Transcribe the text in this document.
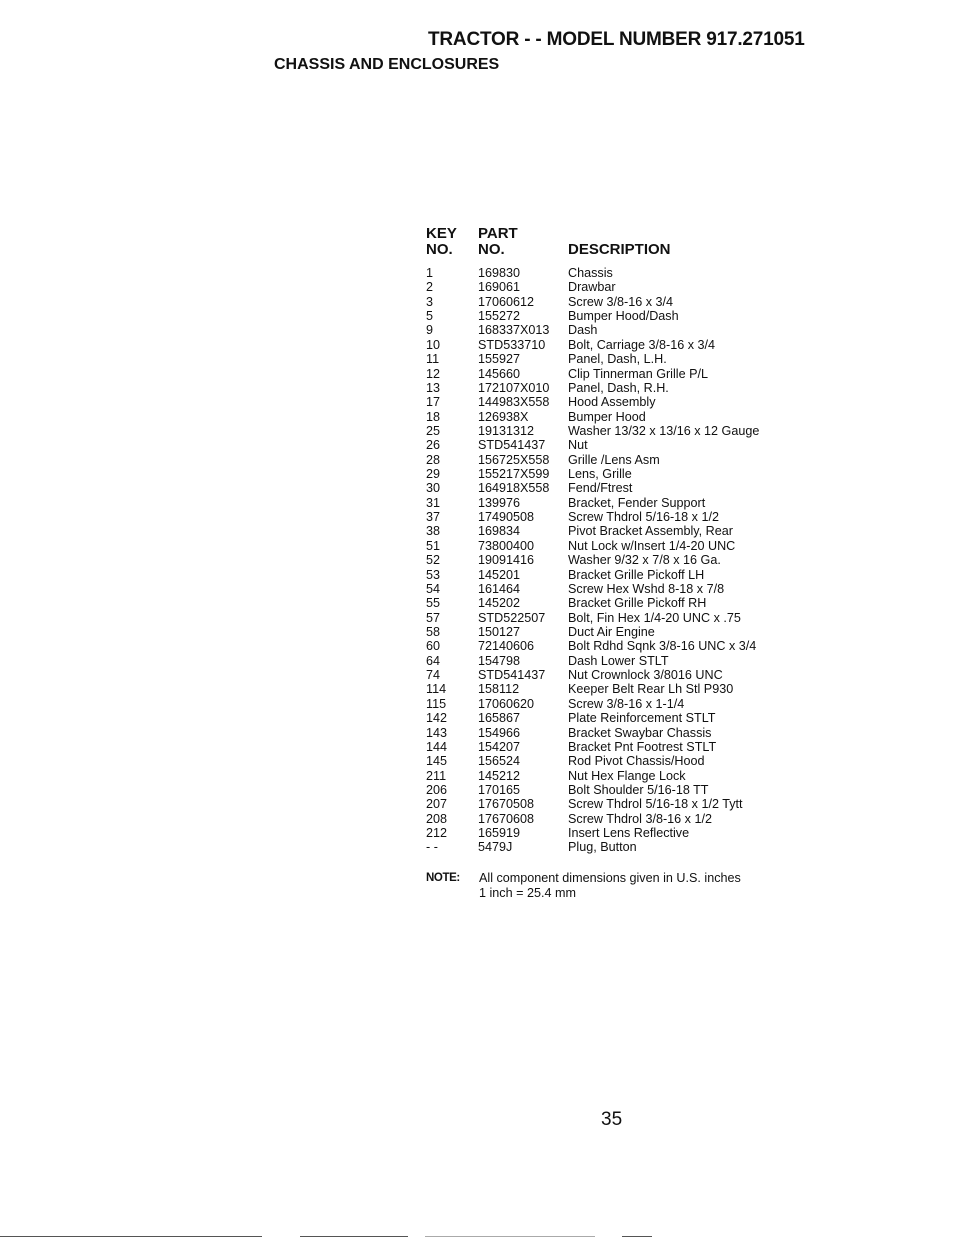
TRACTOR - - MODEL NUMBER 917.271051
CHASSIS AND ENCLOSURES
KEY
NO.
PART
NO.	DESCRIPTION
1	169830	Chassis
2	169061	Drawbar
3	17060612	Screw 3/8-16 x 3/4
5	155272	Bumper Hood/Dash
9	168337X013 Dash
10	STD533710 Bolt, Carriage 3/8-16 x 3/4
11	155927	Panel, Dash, L.H.
12	145660	Clip Tinnerman Grille P/L
13	172107X010 Panel, Dash, R.H.
17	144983X558 Hood Assembly
18	126938X	Bumper Hood
25	19131312	Washer 13/32 x 13/16 x 12 Gauge
26	STD541437 Nut
28	156725X558 Grille /Lens Asm
29	155217X599 Lens, Grille
30	164918X558 Fend/Ftrest
31	139976	Bracket, Fender Support
37	17490508	Screw Thdrol 5/16-18 x 1/2
38	169834	Pivot Bracket Assembly, Rear
51	73800400	Nut Lock w/Insert 1/4-20 UNC
52	19091416	Washer 9/32 x 7/8 x 16 Ga.
53	145201	Bracket Grille Pickoff LH
54	161464	Screw Hex Wshd 8-18 x 7/8
55	145202	Bracket Grille Pickoff RH
57	STD522507 Bolt, Fin Hex 1/4-20 UNC x .75
58	150127	Duct Air Engine
60	72140606	Bolt Rdhd Sqnk 3/8-16 UNC x 3/4
64	154798	Dash Lower STLT
74	STD541437 Nut Crownlock 3/8016 UNC
114	158112	Keeper Belt Rear Lh Stl P930
115	17060620	Screw 3/8-16 x 1-1/4
142 165867	Plate Reinforcement STLT
143 154966	Bracket Swaybar Chassis
144 154207	Bracket Pnt Footrest STLT
145 156524	Rod Pivot Chassis/Hood
211	145212	Nut Hex Flange Lock
206 170165	Bolt Shoulder 5/16-18 TT
207 17670508	Screw Thdrol 5/16-18 x 1/2 Tytt
208 17670608	Screw Thdrol 3/8-16 x 1/2
212 165919	Insert Lens Reflective
- -	5479J	Plug, Button
NOTE: All component dimensions given in U.S. inches
1 inch = 25.4 mm
35
